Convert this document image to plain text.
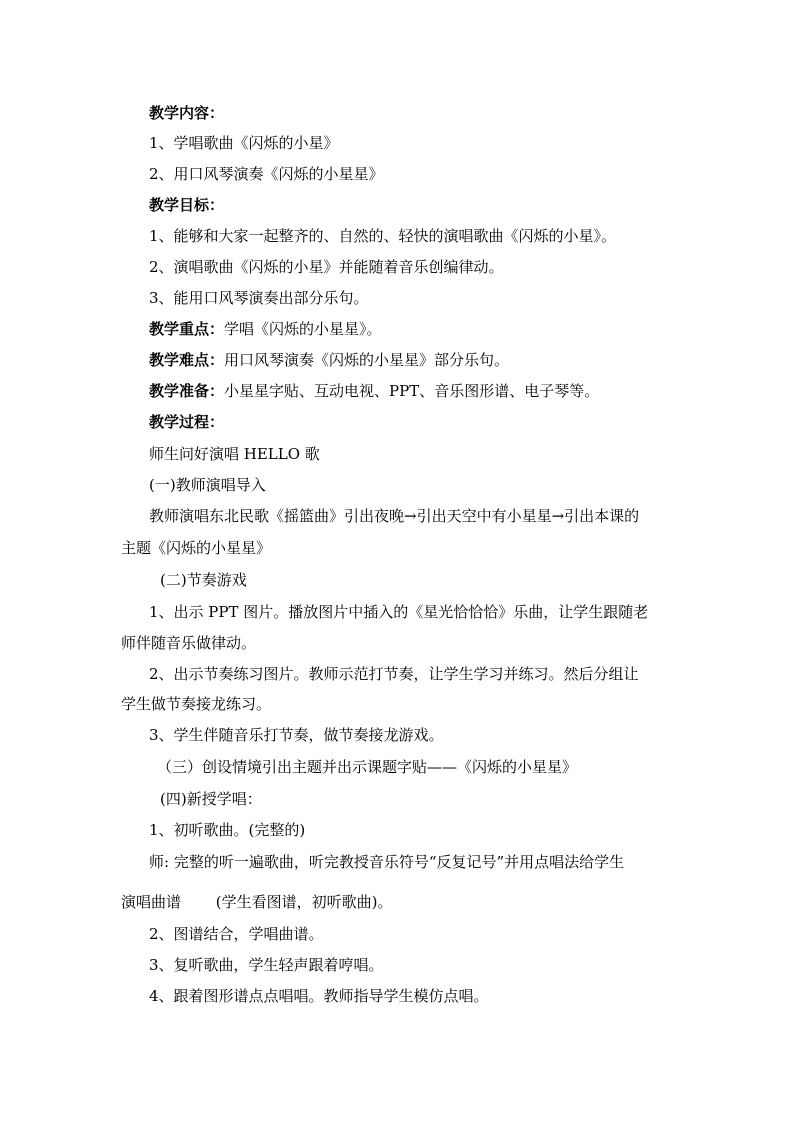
教学内容：
1、学唱歌曲《闪烁的小星》
2、用口风琴演奏《闪烁的小星星》
教学目标：
1、能够和大家一起整齐的、自然的、轻快的演唱歌曲《闪烁的小星》。
2、演唱歌曲《闪烁的小星》并能随着音乐创编律动。
3、能用口风琴演奏出部分乐句。
教学重点：学唱《闪烁的小星星》。
教学难点：用口风琴演奏《闪烁的小星星》部分乐句。
教学准备：小星星字贴、互动电视、PPT、音乐图形谱、电子琴等。
教学过程：
师生问好演唱 HELLO 歌
(一)教师演唱导入
教师演唱东北民歌《摇篮曲》引出夜晚→引出天空中有小星星→引出本课的
主题《闪烁的小星星》
(二)节奏游戏
1、出示 PPT 图片。播放图片中插入的《星光恰恰恰》乐曲，让学生跟随老
师伴随音乐做律动。
2、出示节奏练习图片。教师示范打节奏，让学生学习并练习。然后分组让
学生做节奏接龙练习。
3、学生伴随音乐打节奏，做节奏接龙游戏。
（三）创设情境引出主题并出示课题字贴——《闪烁的小星星》
(四)新授学唱：
1、初听歌曲。(完整的)
师: 完整的听一遍歌曲，听完教授音乐符号“反复记号”并用点唱法给学生
演唱曲谱 　　(学生看图谱，初听歌曲)。
2、图谱结合，学唱曲谱。
3、复听歌曲，学生轻声跟着哼唱。
4、跟着图形谱点点唱唱。教师指导学生模仿点唱。
